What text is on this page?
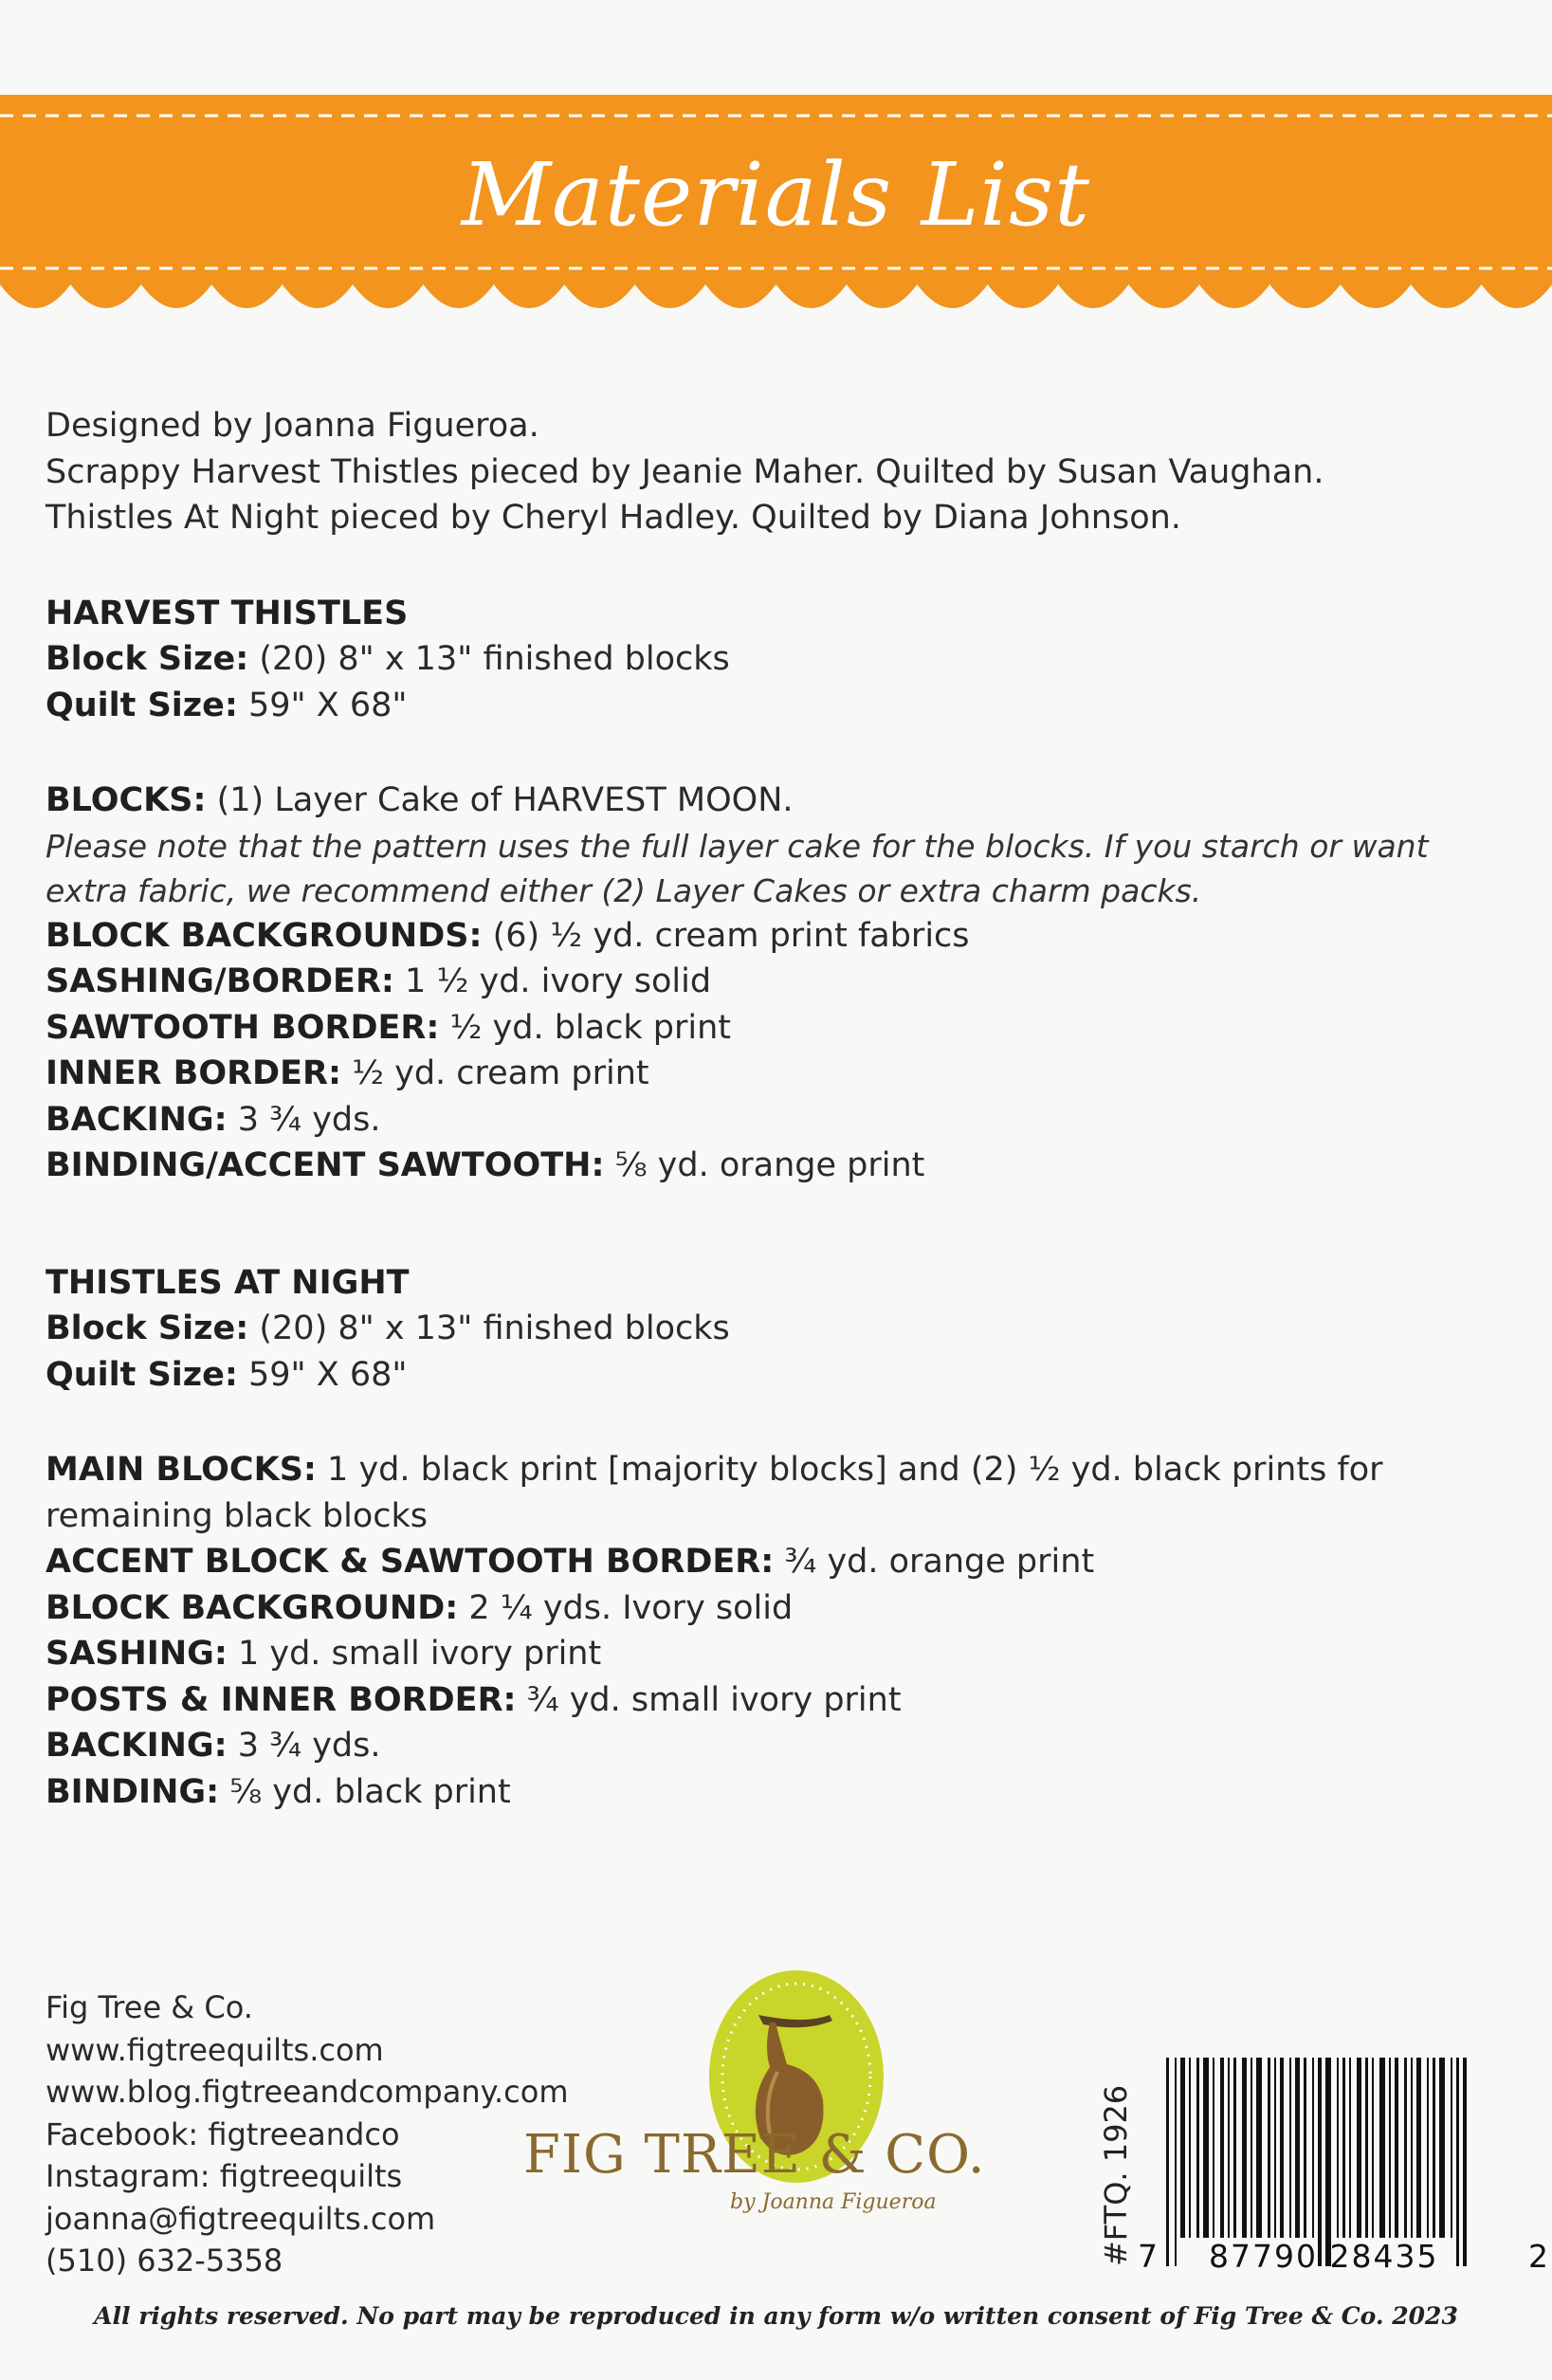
Materials List
Designed by Joanna Figueroa.
Scrappy Harvest Thistles pieced by Jeanie Maher. Quilted by Susan Vaughan.
Thistles At Night pieced by Cheryl Hadley. Quilted by Diana Johnson.
HARVEST THISTLES
Block Size: (20) 8" x 13" finished blocks
Quilt Size: 59" X 68"
BLOCKS: (1) Layer Cake of HARVEST MOON.
Please note that the pattern uses the full layer cake for the blocks. If you starch or want
extra fabric, we recommend either (2) Layer Cakes or extra charm packs.
BLOCK BACKGROUNDS: (6) ½ yd. cream print fabrics
SASHING/BORDER: 1 ½ yd. ivory solid
SAWTOOTH BORDER: ½ yd. black print
INNER BORDER: ½ yd. cream print
BACKING: 3 ¾ yds.
BINDING/ACCENT SAWTOOTH: ⅝ yd. orange print
THISTLES AT NIGHT
Block Size: (20) 8" x 13" finished blocks
Quilt Size: 59" X 68"
MAIN BLOCKS: 1 yd. black print [majority blocks] and (2) ½ yd. black prints for
remaining black blocks
ACCENT BLOCK & SAWTOOTH BORDER: ¾ yd. orange print
BLOCK BACKGROUND: 2 ¼ yds. Ivory solid
SASHING: 1 yd. small ivory print
POSTS & INNER BORDER: ¾ yd. small ivory print
BACKING: 3 ¾ yds.
BINDING: ⅝ yd. black print
Fig Tree & Co.
www.figtreequilts.com
www.blog.figtreeandcompany.com
Facebook: figtreeandco
Instagram: figtreequilts
joanna@figtreequilts.com
(510) 632-5358
FIG TREE & CO.
by Joanna Figueroa	#FTQ. 1926 7 87790 28435	2
All rights reserved. No part may be reproduced in any form w/o written consent of Fig Tree & Co. 2023
